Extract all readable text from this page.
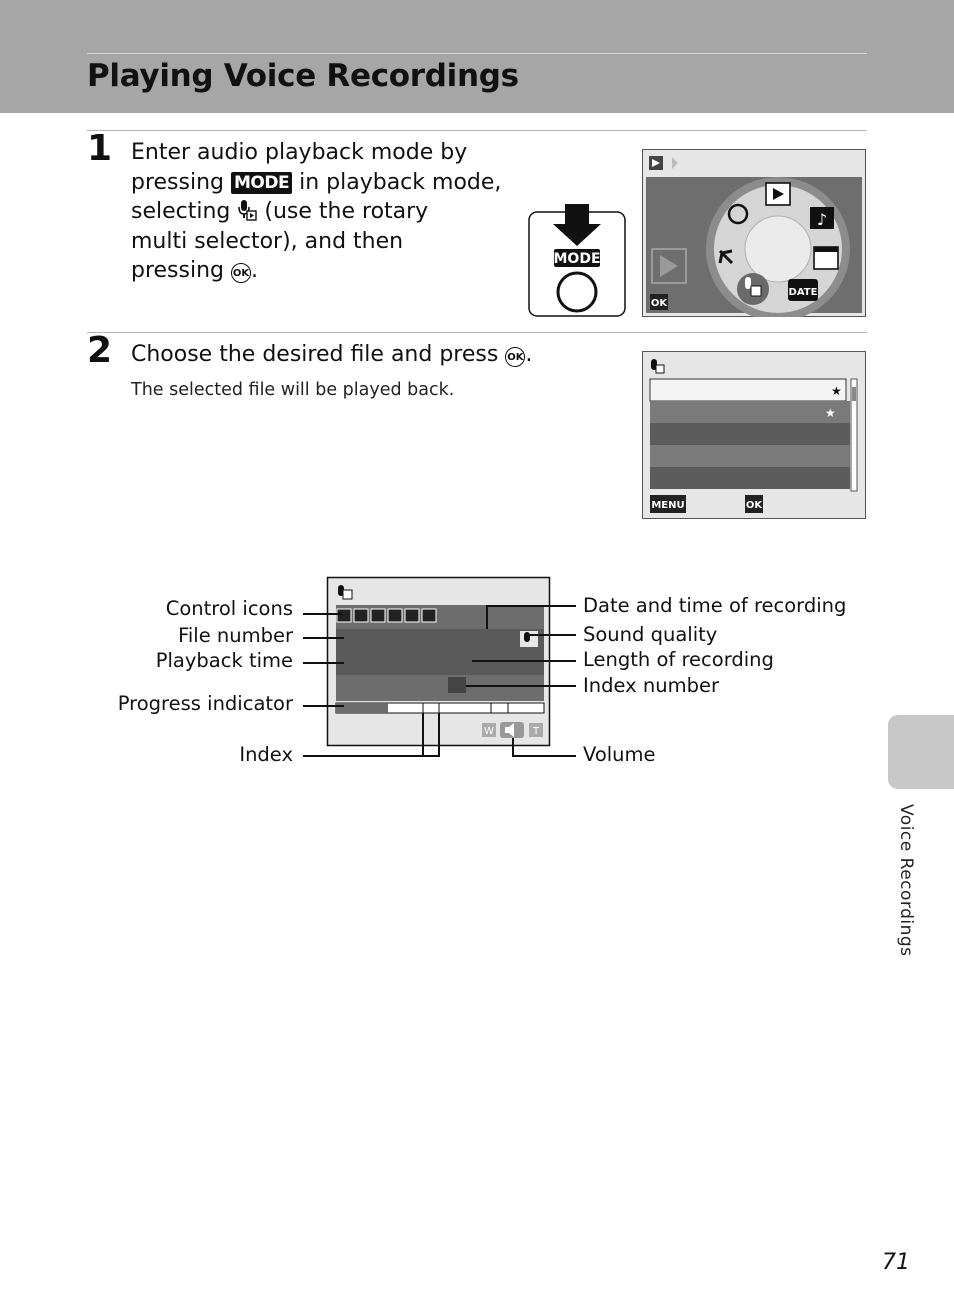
Playing Voice Recordings
1 Enter audio playback mode by
pressing MODE in playback mode,
selecting (use the rotary
multi selector), and then
pressing OK.	MODE
♪
DATE
OK
2 Choose the desired file and press OK.
The selected file will be played back.	★
★
MENU	OK
W	T
Control icons
File number
Playback time
Progress indicator
Index
Date and time of recording
Sound quality
Length of recording
Index number
Volume
Voice Recordings
71
